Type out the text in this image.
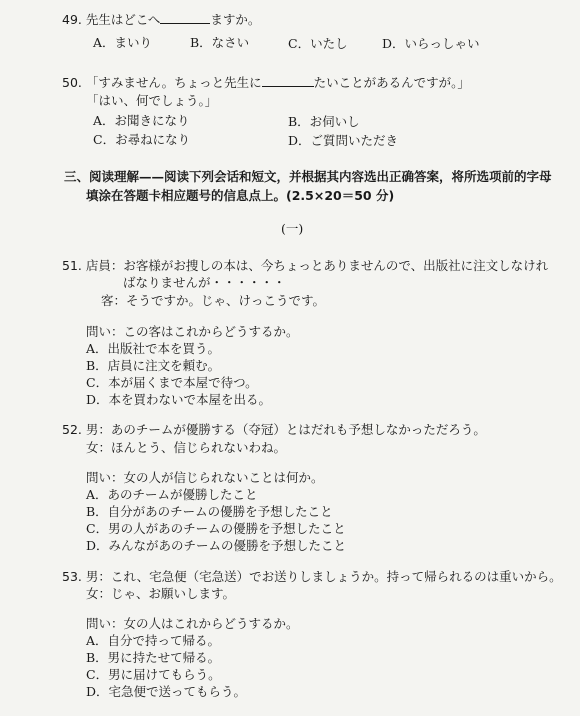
49. 先生はどこへ	ますか。
A．まいり	B．なさい	C．いたし	D．いらっしゃい
50. 「すみません。ちょっと先生に	たいことがあるんですが。」
「はい、何でしょう。」
A．お聞きになり	B．お伺いし
C．お尋ねになり	D．ご質問いただき
三、阅读理解——阅读下列会话和短文，并根据其内容选出正确答案，将所选项前的字母
填涂在答题卡相应题号的信息点上。(2.5×20＝50 分)
(一)
51. 店員：お客様がお捜しの本は、今ちょっとありませんので、出版社に注文しなけれ
ばなりませんが・・・・・・
客：そうですか。じゃ、けっこうです。
問い：この客はこれからどうするか。
A．出版社で本を買う。
B．店員に注文を頼む。
C．本が届くまで本屋で待つ。
D．本を買わないで本屋を出る。
52. 男：あのチームが優勝する（夺冠）とはだれも予想しなかっただろう。
女：ほんとう、信じられないわね。
問い：女の人が信じられないことは何か。
A．あのチームが優勝したこと
B．自分があのチームの優勝を予想したこと
C．男の人があのチームの優勝を予想したこと
D．みんながあのチームの優勝を予想したこと
53. 男：これ、宅急便（宅急送）でお送りしましょうか。持って帰られるのは重いから。
女：じゃ、お願いします。
問い：女の人はこれからどうするか。
A．自分で持って帰る。
B．男に持たせて帰る。
C．男に届けてもらう。
D．宅急便で送ってもらう。
